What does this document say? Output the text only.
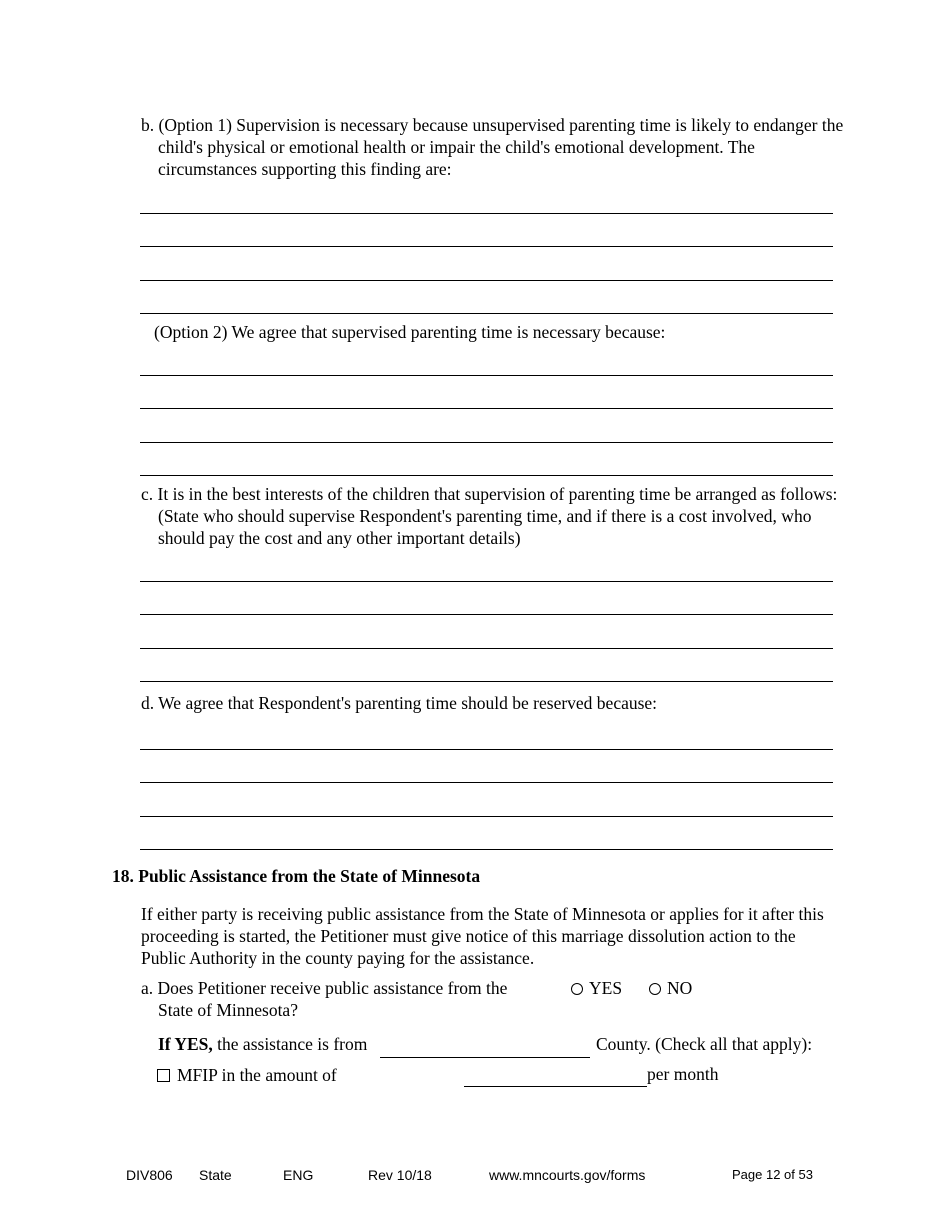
b. (Option 1) Supervision is necessary because unsupervised parenting time is likely to endanger the child's physical or emotional health or impair the child's emotional development. The circumstances supporting this finding are:
(Option 2) We agree that supervised parenting time is necessary because:
c. It is in the best interests of the children that supervision of parenting time be arranged as follows: (State who should supervise Respondent's parenting time, and if there is a cost involved, who should pay the cost and any other important details)
d. We agree that Respondent's parenting time should be reserved because:
18. Public Assistance from the State of Minnesota
If either party is receiving public assistance from the State of Minnesota or applies for it after this proceeding is started, the Petitioner must give notice of this marriage dissolution action to the Public Authority in the county paying for the assistance.
a. Does Petitioner receive public assistance from the
State of Minnesota?
YES	NO
If YES, the assistance is from	County. (Check all that apply):
MFIP in the amount of	per month
DIV806 State	ENG	Rev 10/18	www.mncourts.gov/forms	Page 12 of 53
